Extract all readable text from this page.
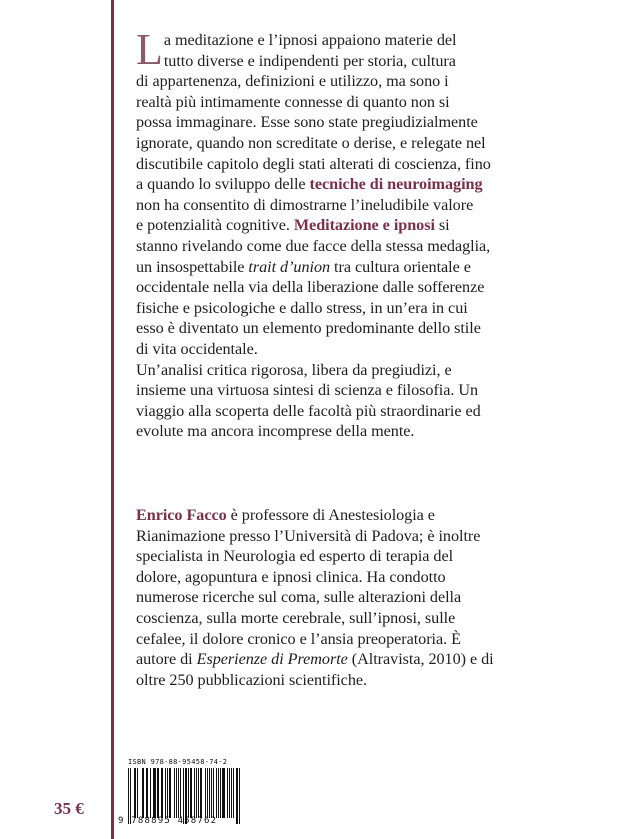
L a meditazione e l’ipnosi appaiono materie del
tutto diverse e indipendenti per storia, cultura
di appartenenza, definizioni e utilizzo, ma sono i
realtà più intimamente connesse di quanto non si
possa immaginare. Esse sono state pregiudizialmente
ignorate, quando non screditate o derise, e relegate nel
discutibile capitolo degli stati alterati di coscienza, fino
a quando lo sviluppo delle tecniche di neuroimaging
non ha consentito di dimostrarne l’ineludibile valore
e potenzialità cognitive. Meditazione e ipnosi si
stanno rivelando come due facce della stessa medaglia,
un insospettabile trait d’union tra cultura orientale e
occidentale nella via della liberazione dalle sofferenze
fisiche e psicologiche e dallo stress, in un’era in cui
esso è diventato un elemento predominante dello stile
di vita occidentale.
Un’analisi critica rigorosa, libera da pregiudizi, e
insieme una virtuosa sintesi di scienza e filosofia. Un
viaggio alla scoperta delle facoltà più straordinarie ed
evolute ma ancora incomprese della mente.
Enrico Facco è professore di Anestesiologia e
Rianimazione presso l’Università di Padova; è inoltre
specialista in Neurologia ed esperto di terapia del
dolore, agopuntura e ipnosi clinica. Ha condotto
numerose ricerche sul coma, sulle alterazioni della
coscienza, sulla morte cerebrale, sull’ipnosi, sulle
cefalee, il dolore cronico e l’ansia preoperatoria. È
autore di Esperienze di Premorte (Altravista, 2010) e di
oltre 250 pubblicazioni scientifiche.
35 €
ISBN 978-88-95458-74-2
9 788895 458762
